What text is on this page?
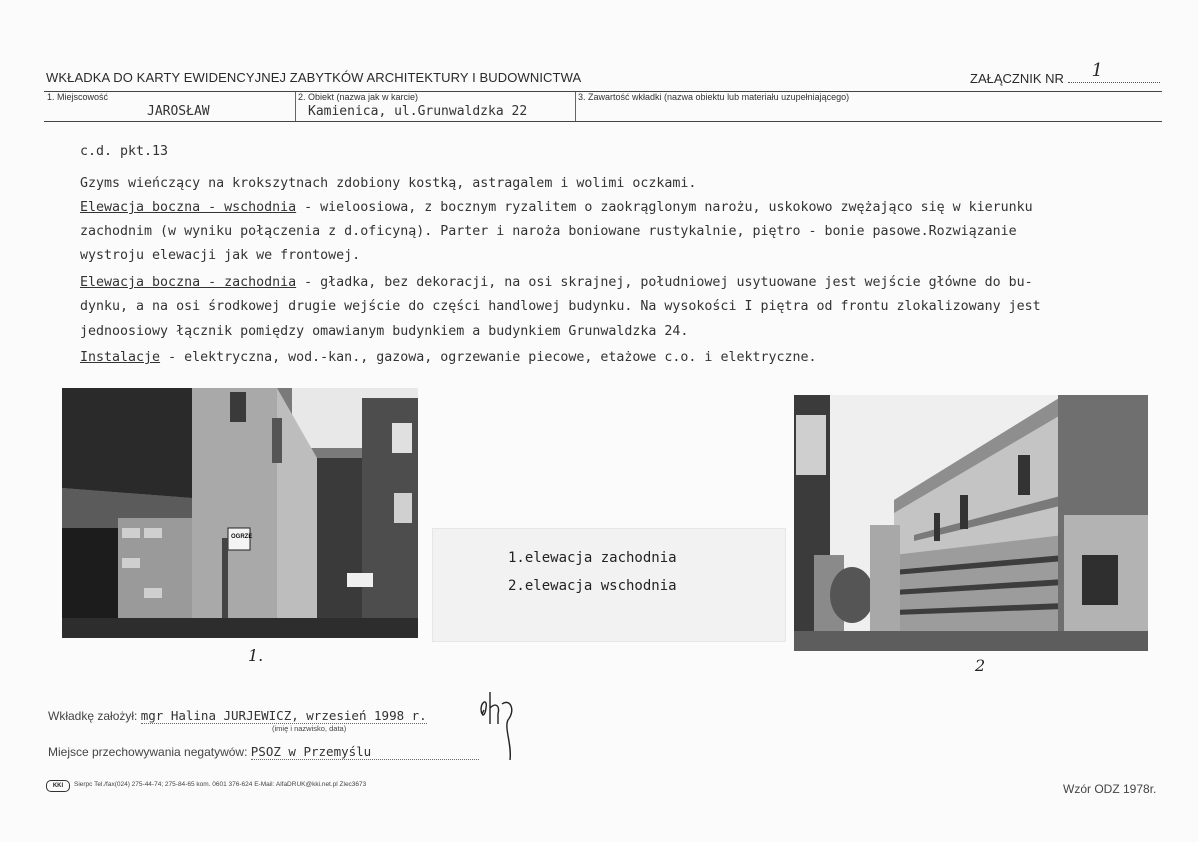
WKŁADKA DO KARTY EWIDENCYJNEJ ZABYTKÓW ARCHITEKTURY I BUDOWNICTWA	ZAŁĄCZNIK NR 1
1. Miejscowość
JAROSŁAW
2. Obiekt (nazwa jak w karcie)
Kamienica, ul.Grunwaldzka 22
3. Zawartość wkładki (nazwa obiektu lub materiału uzupełniającego)
c.d. pkt.13
Gzyms wieńczący na krokszytnach zdobiony kostką, astragalem i wolimi oczkami.
Elewacja boczna - wschodnia - wieloosiowa, z bocznym ryzalitem o zaokrąglonym narożu, uskokowo zwężająco się w kierunku
zachodnim (w wyniku połączenia z d.oficyną). Parter i naroża boniowane rustykalnie, piętro - bonie pasowe.Rozwiązanie
wystroju elewacji jak we frontowej.
Elewacja boczna - zachodnia - gładka, bez dekoracji, na osi skrajnej, południowej usytuowane jest wejście główne do bu-
dynku, a na osi środkowej drugie wejście do części handlowej budynku. Na wysokości I piętra od frontu zlokalizowany jest
jednoosiowy łącznik pomiędzy omawianym budynkiem a budynkiem Grunwaldzka 24.
Instalacje - elektryczna, wod.-kan., gazowa, ogrzewanie piecowe, etażowe c.o. i elektryczne.
OGRZE
1.
1.elewacja zachodnia
2.elewacja wschodnia
2
Wkładkę założył: mgr Halina JURJEWICZ, wrzesień 1998 r.
(imię i nazwisko, data)
Miejsce przechowywania negatywów: PSOZ w Przemyślu
KKI	Sierpc Tel./fax(024) 275-44-74; 275-84-65 kom. 0601 376-624 E-Mail: AlfaDRUK@kki.net.pl Zlec3673	Wzór ODZ 1978r.
